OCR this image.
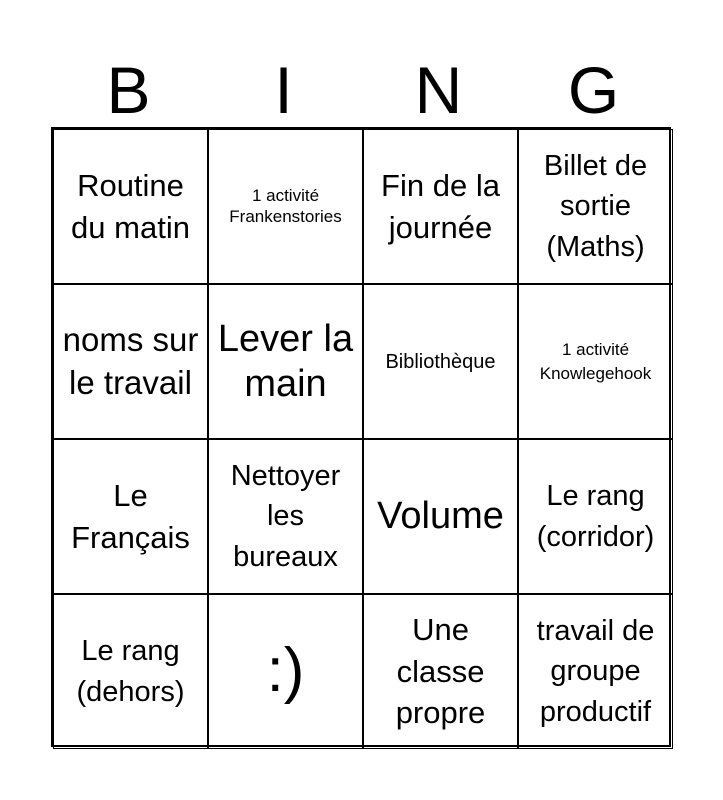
B	I	N	G
Routine du matin
1 activité Frankenstories
Fin de la journée
Billet de sortie (Maths)
noms sur le travail
Lever la main
Bibliothèque
1 activité Knowlegehook
Le Français
Nettoyer les bureaux
Volume	Le rang (corridor)
Le rang (dehors) :)
Une classe propre
travail de groupe productif
